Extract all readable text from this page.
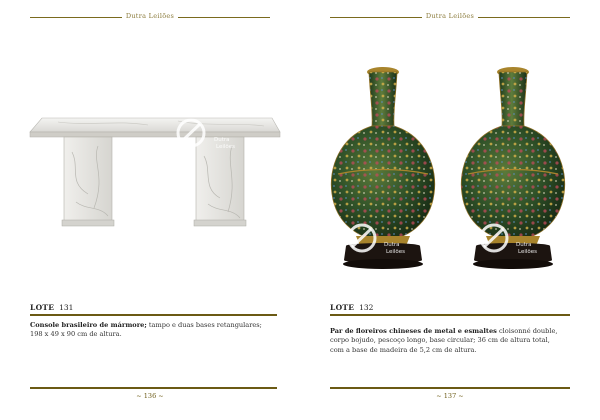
Dutra Leilões
Dutra
Leilões
LOTE 131
Console brasileiro de mármore; tampo e duas bases retangulares;
198 x 49 x 90 cm de altura.
~ 136 ~
Dutra Leilões
Dutra
Leilões
Dutra
Leilões
LOTE 132
Par de floreiros chineses de metal e esmaltes cloisonné double,
corpo bojudo, pescoço longo, base circular; 36 cm de altura total,
com a base de madeira de 5,2 cm de altura.
~ 137 ~
